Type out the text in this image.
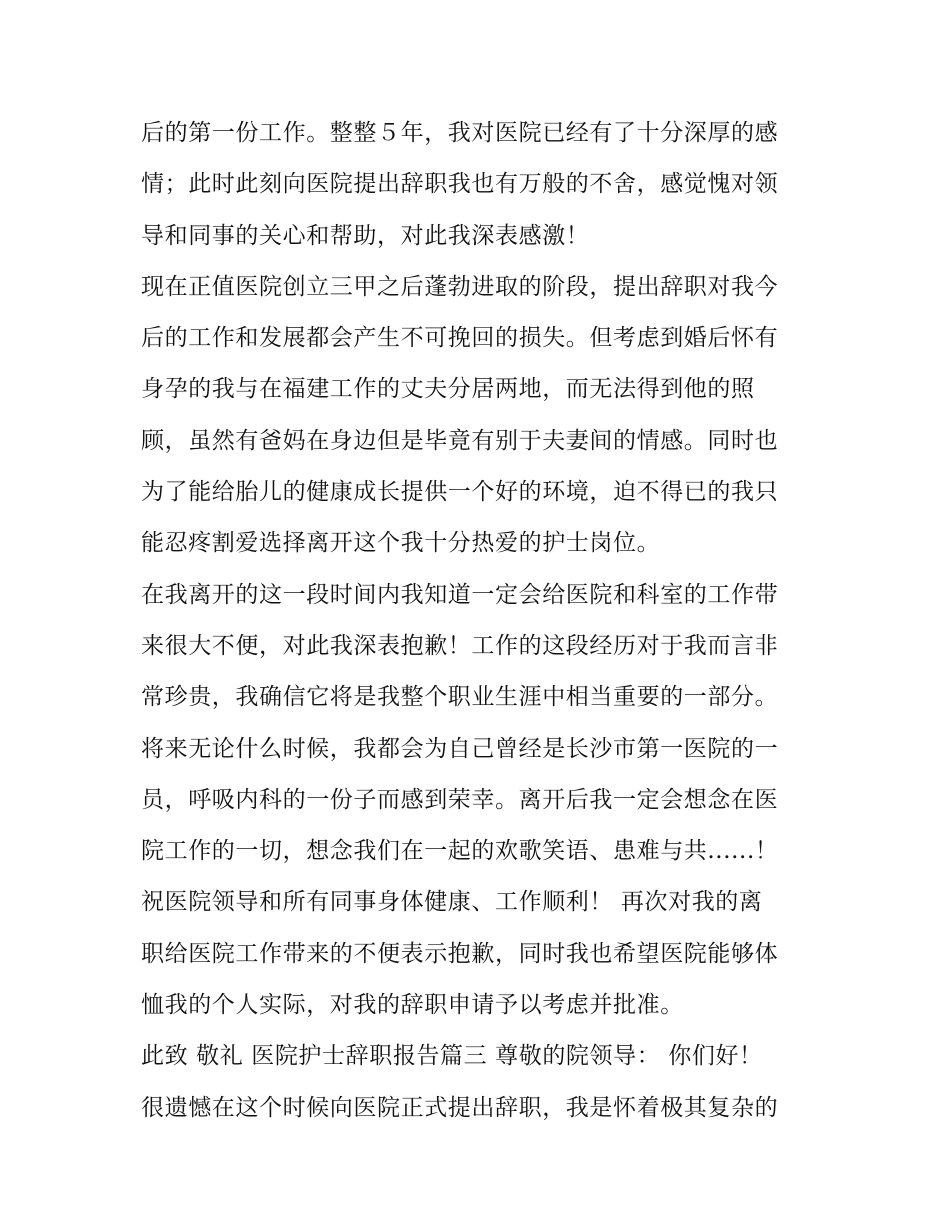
后的第一份工作。整整５年，我对医院已经有了十分深厚的感
情；此时此刻向医院提出辞职我也有万般的不舍，感觉愧对领
导和同事的关心和帮助，对此我深表感激！
现在正值医院创立三甲之后蓬勃进取的阶段，提出辞职对我今
后的工作和发展都会产生不可挽回的损失。但考虑到婚后怀有
身孕的我与在福建工作的丈夫分居两地，而无法得到他的照
顾，虽然有爸妈在身边但是毕竟有别于夫妻间的情感。同时也
为了能给胎儿的健康成长提供一个好的环境，迫不得已的我只
能忍疼割爱选择离开这个我十分热爱的护士岗位。
在我离开的这一段时间内我知道一定会给医院和科室的工作带
来很大不便，对此我深表抱歉！工作的这段经历对于我而言非
常珍贵，我确信它将是我整个职业生涯中相当重要的一部分。
将来无论什么时候，我都会为自己曾经是长沙市第一医院的一
员，呼吸内科的一份子而感到荣幸。离开后我一定会想念在医
院工作的一切，想念我们在一起的欢歌笑语、患难与共......！
祝医院领导和所有同事身体健康、工作顺利！ 再次对我的离
职给医院工作带来的不便表示抱歉，同时我也希望医院能够体
恤我的个人实际，对我的辞职申请予以考虑并批准。
此致 敬礼 医院护士辞职报告篇三 尊敬的院领导： 你们好！
很遗憾在这个时候向医院正式提出辞职，我是怀着极其复杂的
